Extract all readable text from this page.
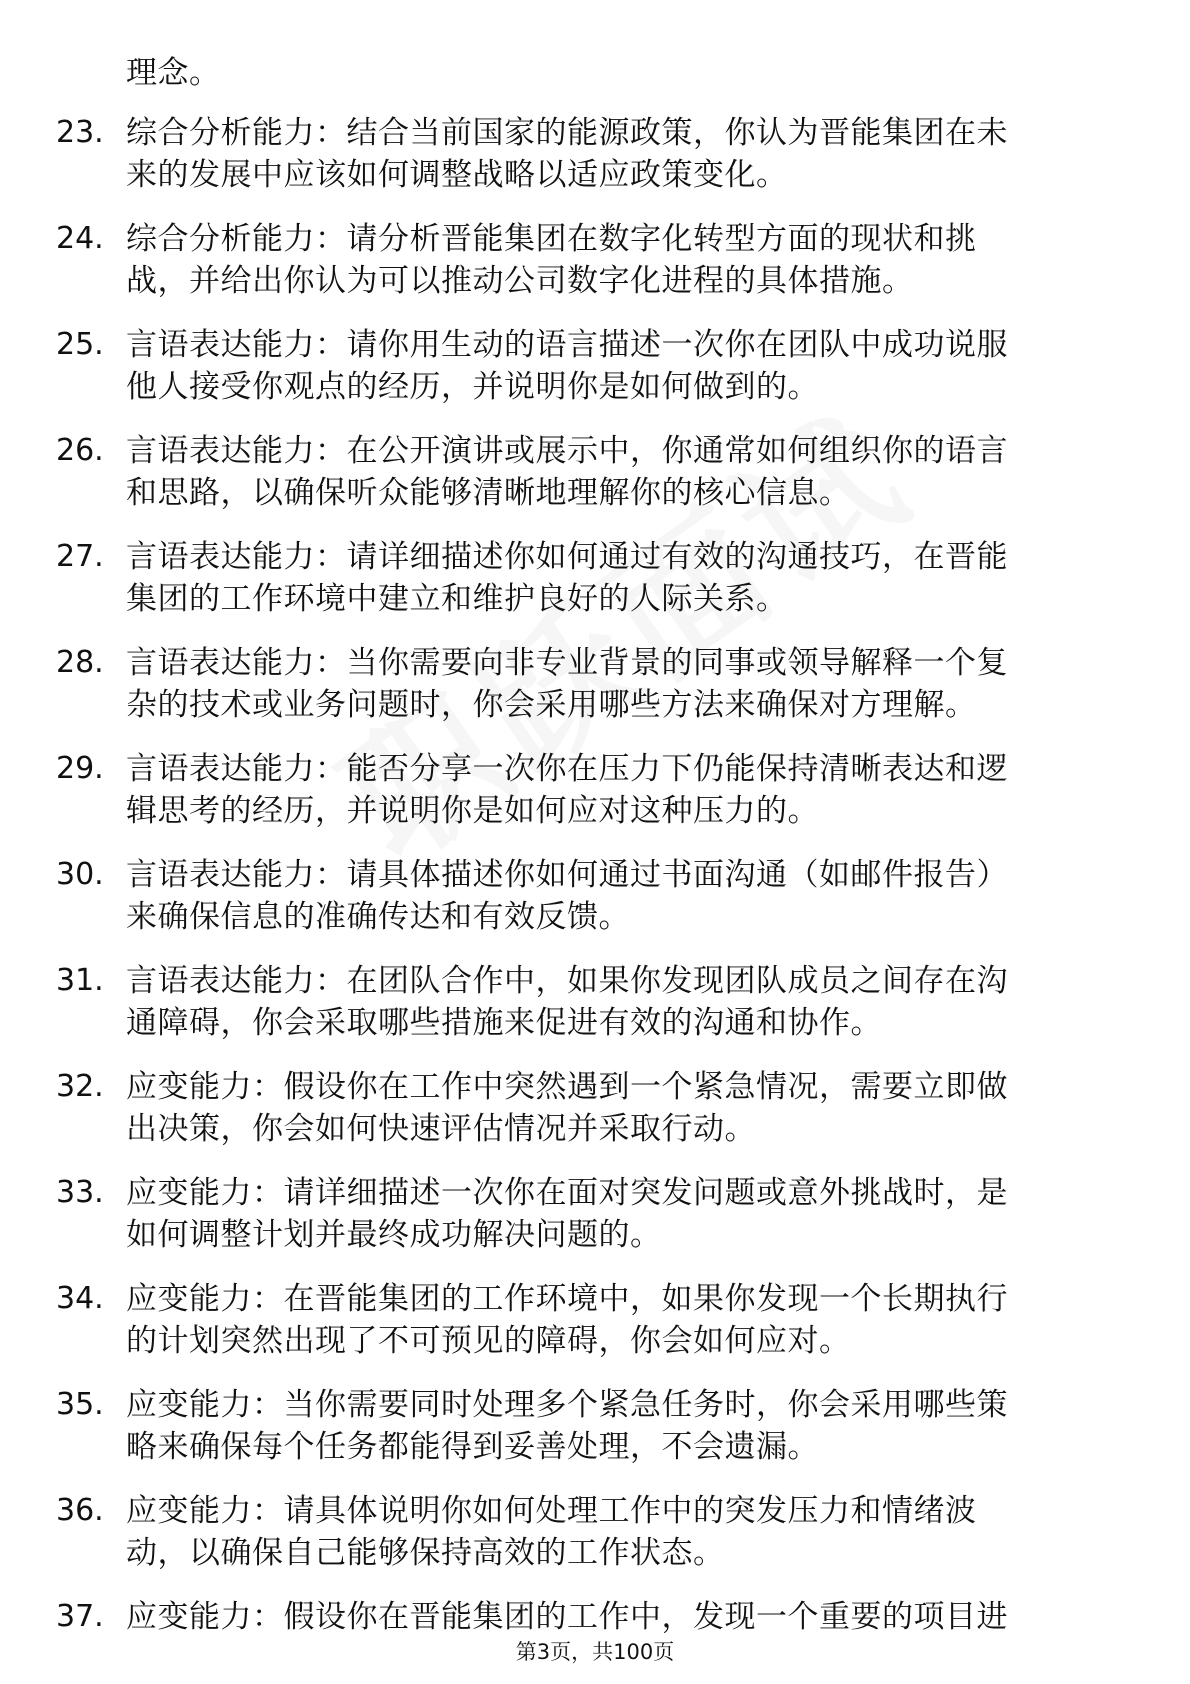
理念。
23. 综合分析能力：结合当前国家的能源政策，你认为晋能集团在未
来的发展中应该如何调整战略以适应政策变化。
24. 综合分析能力：请分析晋能集团在数字化转型方面的现状和挑
战，并给出你认为可以推动公司数字化进程的具体措施。
25. 言语表达能力：请你用生动的语言描述一次你在团队中成功说服
他人接受你观点的经历，并说明你是如何做到的。
26. 言语表达能力：在公开演讲或展示中，你通常如何组织你的语言
和思路，以确保听众能够清晰地理解你的核心信息。
27. 言语表达能力：请详细描述你如何通过有效的沟通技巧，在晋能
集团的工作环境中建立和维护良好的人际关系。
28. 言语表达能力：当你需要向非专业背景的同事或领导解释一个复
杂的技术或业务问题时，你会采用哪些方法来确保对方理解。
29. 言语表达能力：能否分享一次你在压力下仍能保持清晰表达和逻
辑思考的经历，并说明你是如何应对这种压力的。
30. 言语表达能力：请具体描述你如何通过书面沟通（如邮件报告）
来确保信息的准确传达和有效反馈。
31. 言语表达能力：在团队合作中，如果你发现团队成员之间存在沟
通障碍，你会采取哪些措施来促进有效的沟通和协作。
32. 应变能力：假设你在工作中突然遇到一个紧急情况，需要立即做
出决策，你会如何快速评估情况并采取行动。
33. 应变能力：请详细描述一次你在面对突发问题或意外挑战时，是
如何调整计划并最终成功解决问题的。
34. 应变能力：在晋能集团的工作环境中，如果你发现一个长期执行
的计划突然出现了不可预见的障碍，你会如何应对。
35. 应变能力：当你需要同时处理多个紧急任务时，你会采用哪些策
略来确保每个任务都能得到妥善处理，不会遗漏。
36. 应变能力：请具体说明你如何处理工作中的突发压力和情绪波
动，以确保自己能够保持高效的工作状态。
37. 应变能力：假设你在晋能集团的工作中，发现一个重要的项目进
第3页，共100页
